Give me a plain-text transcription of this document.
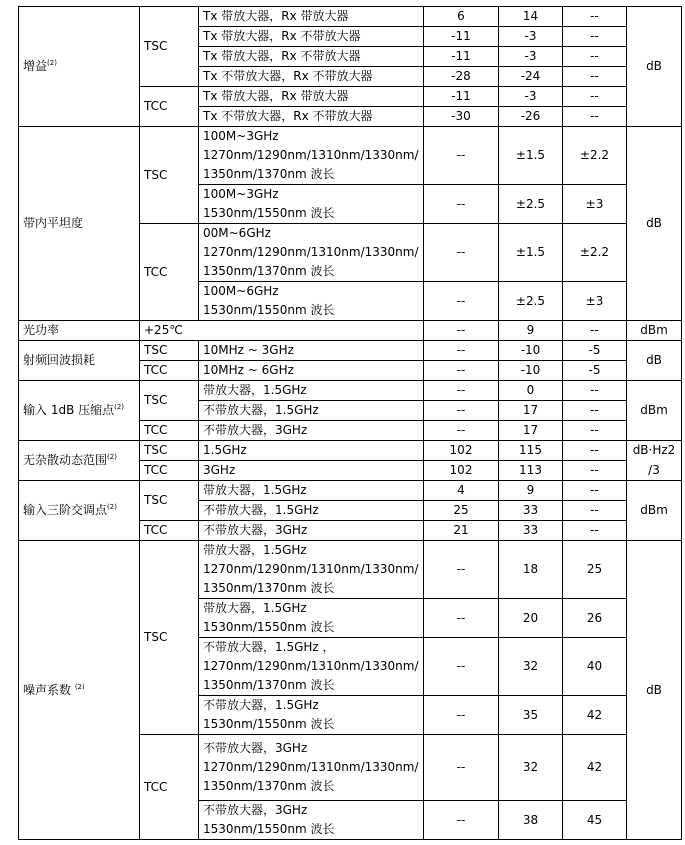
增益$^{(2)}$	TSC	Tx 带放大器，Rx 带放大器	6	14	--	dB
		Tx 带放大器，Rx 不带放大器	-11	-3	--	
		Tx 带放大器，Rx 不带放大器	-11	-3	--	
		Tx 不带放大器，Rx 不带放大器	-28	-24	--	
	TCC	Tx 带放大器，Rx 带放大器	-11	-3	--	
		Tx 不带放大器，Rx 不带放大器	-30	-26	--	
带内平坦度	TSC	100M~3GHz
1270nm/1290nm/1310nm/1330nm/
1350nm/1370nm 波长	--	±1.5	±2.2	dB

		100M~3GHz
1530nm/1550nm 波长	--	±2.5	±3	
	TCC	00M~6GHz
1270nm/1290nm/1310nm/1330nm/
1350nm/1370nm 波长	--	±1.5	±2.2	

		100M~6GHz
1530nm/1550nm 波长	--	±2.5	±3	
光功率	+25℃		--	9	--	dBm
射频回波损耗	TSC	10MHz ~ 3GHz	--	-10	-5	dB
	TCC	10MHz ~ 6GHz	--	-10	-5	
输入 1dB 压缩点$^{(2)}$	TSC	带放大器，1.5GHz	--	0	--	dBm
		不带放大器，1.5GHz	--	17	--	
	TCC	不带放大器，3GHz	--	17	--	
无杂散动态范围$^{(2)}$	TSC	1.5GHz	102	115	--	dB·Hz2
	TCC	3GHz	102	113	--	/3
输入三阶交调点$^{(2)}$	TSC	带放大器，1.5GHz	4	9	--	dBm
		不带放大器，1.5GHz	25	33	--	
	TCC	不带放大器，3GHz	21	33	--	
噪声系数 $^{(2)}$	TSC	带放大器，1.5GHz
1270nm/1290nm/1310nm/1330nm/
1350nm/1370nm 波长	--	18	25	dB

		带放大器，1.5GHz
1530nm/1550nm 波长	--	20	26	

		不带放大器，1.5GHz ，
1270nm/1290nm/1310nm/1330nm/
1350nm/1370nm 波长	--	32	40	

		不带放大器，1.5GHz
1530nm/1550nm 波长	--	35	42	
	TCC	不带放大器，3GHz
1270nm/1290nm/1310nm/1330nm/
1350nm/1370nm 波长	--	32	42	

		不带放大器，3GHz
1530nm/1550nm 波长	--	38	45	
